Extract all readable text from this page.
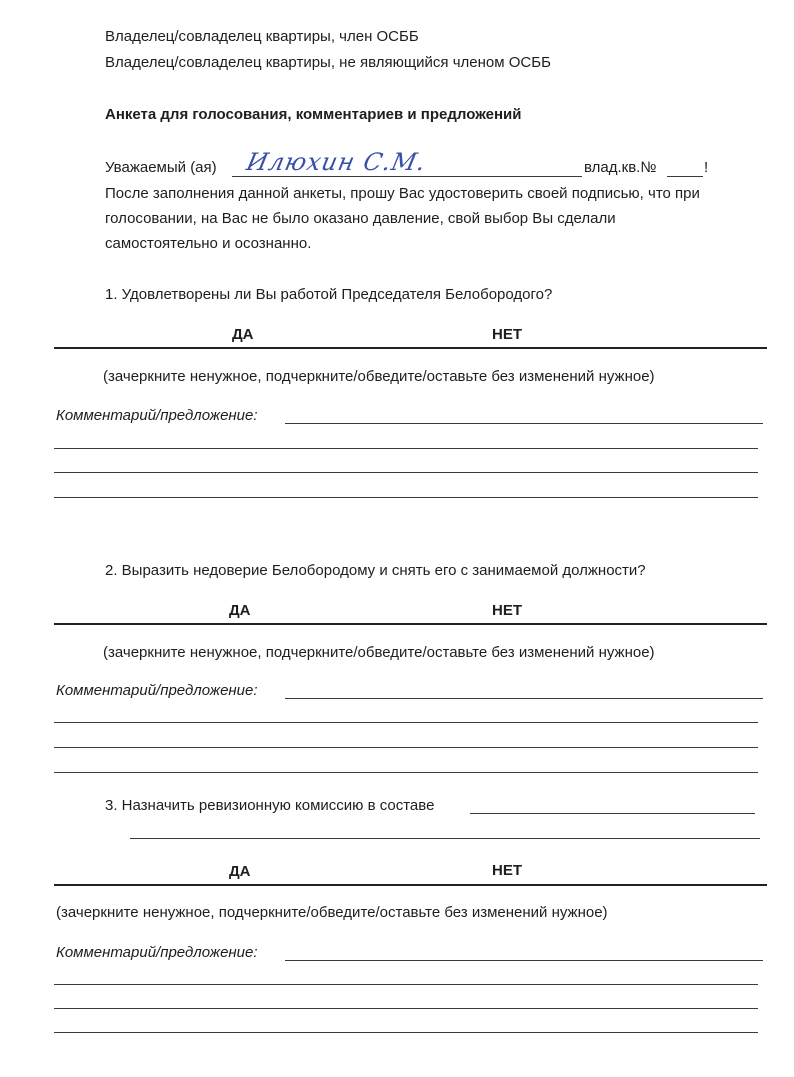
Владелец/совладелец квартиры, член ОСББ
Владелец/совладелец квартиры, не являющийся членом ОСББ
Анкета для голосования, комментариев и предложений
Уважаемый (ая) Илюхин С.М.	влад.кв.№	!
После заполнения данной анкеты, прошу Вас удостоверить своей подписью, что при
голосовании, на Вас не было оказано давление, свой выбор Вы сделали
самостоятельно и осознанно.
1. Удовлетворены ли Вы работой Председателя Белобородого?
ДА	НЕТ
(зачеркните ненужное, подчеркните/обведите/оставьте без изменений нужное)
Комментарий/предложение:
2. Выразить недоверие Белобородому и снять его с занимаемой должности?
ДА	НЕТ
(зачеркните ненужное, подчеркните/обведите/оставьте без изменений нужное)
Комментарий/предложение:
3. Назначить ревизионную комиссию в составе
ДА	НЕТ
(зачеркните ненужное, подчеркните/обведите/оставьте без изменений нужное)
Комментарий/предложение:
